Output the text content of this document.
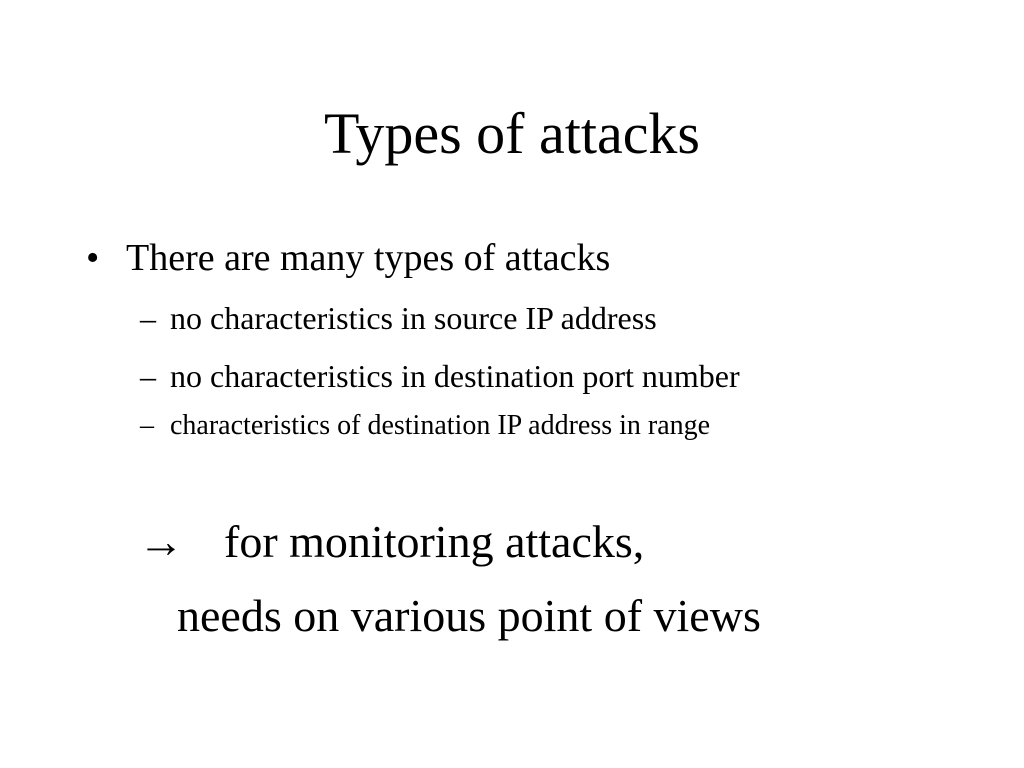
Types of attacks
• There are many types of attacks
– no characteristics in source IP address
– no characteristics in destination port number
– characteristics of destination IP address in range
→ for monitoring attacks,
needs on various point of views
